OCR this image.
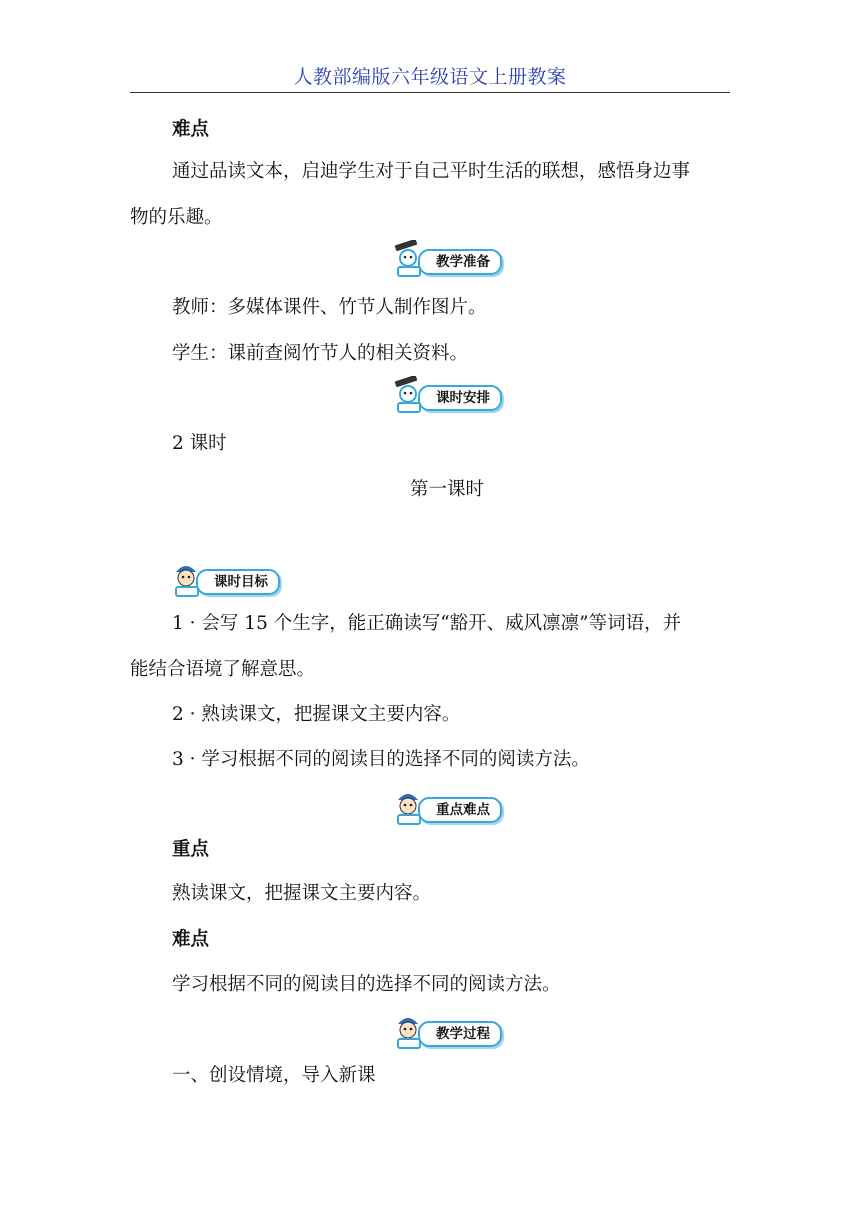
人教部编版六年级语文上册教案
难点
通过品读文本，启迪学生对于自己平时生活的联想，感悟身边事
物的乐趣。
教学准备
教师：多媒体课件、竹节人制作图片。
学生：课前查阅竹节人的相关资料。
课时安排
2 课时
第一课时
课时目标
1 · 会写 15 个生字，能正确读写“豁开、威风凛凛”等词语，并
能结合语境了解意思。
2 · 熟读课文，把握课文主要内容。
3 · 学习根据不同的阅读目的选择不同的阅读方法。
重点难点
重点
熟读课文，把握课文主要内容。
难点
学习根据不同的阅读目的选择不同的阅读方法。
教学过程
一、创设情境，导入新课
